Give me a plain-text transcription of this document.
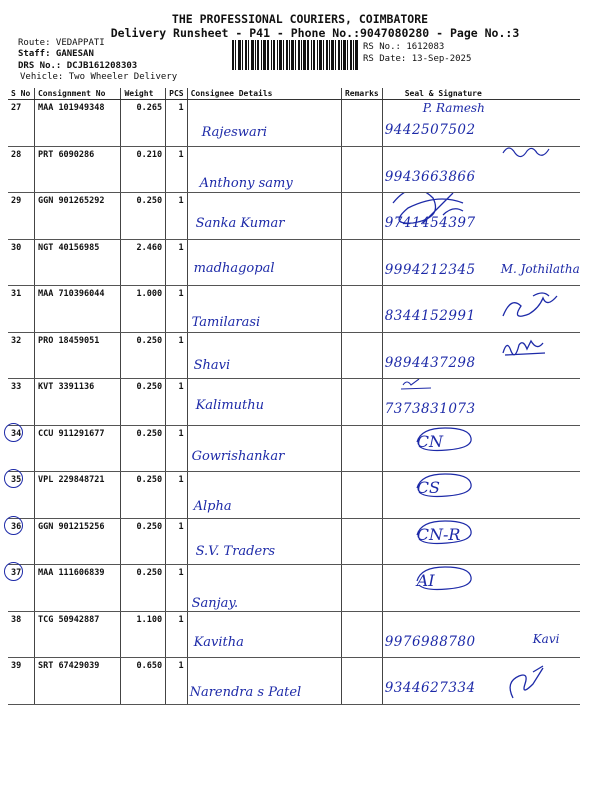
THE PROFESSIONAL COURIERS, COIMBATORE
Delivery Runsheet - P41 - Phone No.:9047080280 - Page No.:3
Route: VEDAPPATI
Staff: GANESAN
DRS No.: DCJB161208303
Vehicle: Two Wheeler Delivery
RS No.: 1612083
RS Date: 13-Sep-2025
S No	Consignment No	Weight	PCS	Consignee Details	Remarks	Seal & Signature
27	MAA 101949348	0.265	1	Rajeswari		9442507502
P. Ramesh

28	PRT 6090286	0.210	1	Anthony samy		9943663866

29	GGN 901265292	0.250	1	Sanka Kumar		9741454397

30	NGT 40156985	2.460	1	madhagopal		9994212345 M. Jothilatha

31	MAA 710396044	1.000	1	Tamilarasi		8344152991

32	PRO 18459051	0.250	1	Shavi		9894437298

33	KVT 3391136	0.250	1	Kalimuthu		7373831073

34	CCU 911291677	0.250	1	Gowrishankar		CN

35	VPL 229848721	0.250	1	Alpha		CS

36	GGN 901215256	0.250	1	S.V. Traders		CN-R

37	MAA 111606839	0.250	1	Sanjay.		AI

38	TCG 50942887	1.100	1	Kavitha		9976988780 Kavi

39	SRT 67429039	0.650	1	Narendra s Patel		9344627334
